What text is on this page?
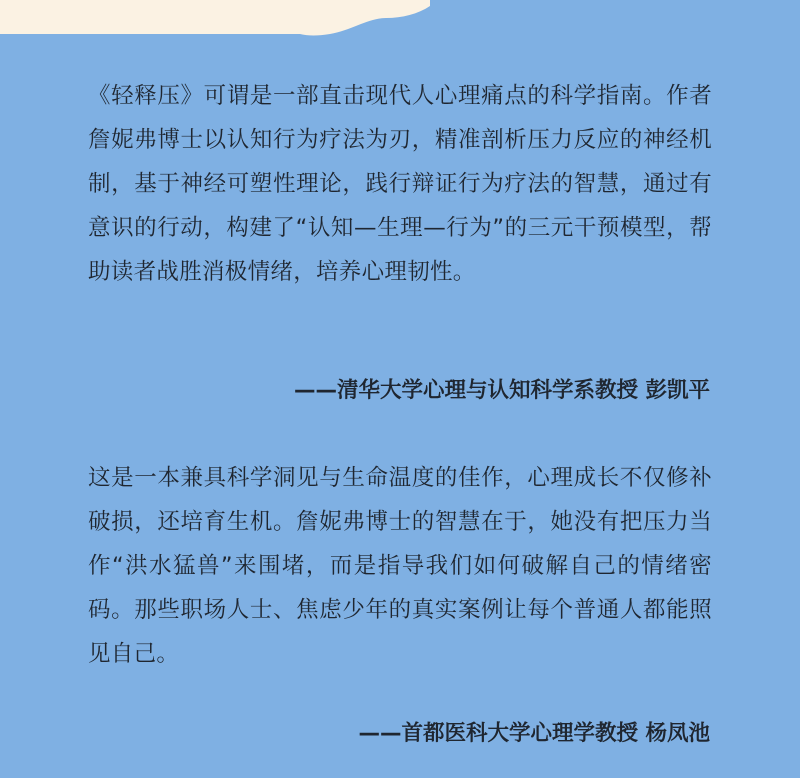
《轻释压》可谓是一部直击现代人心理痛点的科学指南。作者詹妮弗博士以认知行为疗法为刃，精准剖析压力反应的神经机制，基于神经可塑性理论，践行辩证行为疗法的智慧，通过有意识的行动，构建了“认知—生理—行为”的三元干预模型，帮助读者战胜消极情绪，培养心理韧性。

——清华大学心理与认知科学系教授 彭凯平

这是一本兼具科学洞见与生命温度的佳作，心理成长不仅修补破损，还培育生机。詹妮弗博士的智慧在于，她没有把压力当作“洪水猛兽”来围堵，而是指导我们如何破解自己的情绪密码。那些职场人士、焦虑少年的真实案例让每个普通人都能照见自己。

——首都医科大学心理学教授 杨凤池
